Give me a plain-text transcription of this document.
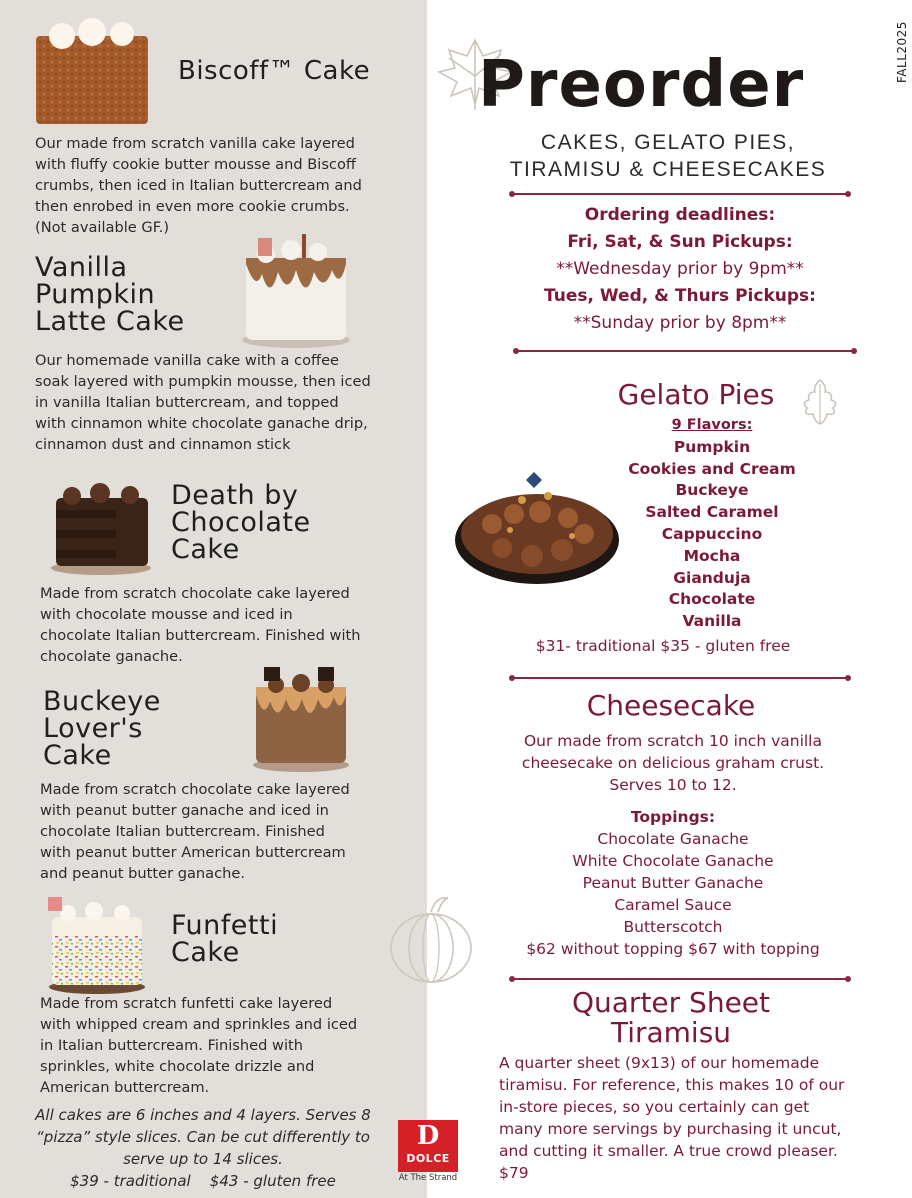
Biscoff™ Cake
Our made from scratch vanilla cake layered
with fluffy cookie butter mousse and Biscoff
crumbs, then iced in Italian buttercream and
then enrobed in even more cookie crumbs.
(Not available GF.)
Vanilla
Pumpkin
Latte Cake
Our homemade vanilla cake with a coffee
soak layered with pumpkin mousse, then iced
in vanilla Italian buttercream, and topped
with cinnamon white chocolate ganache drip,
cinnamon dust and cinnamon stick
Death by
Chocolate
Cake
Made from scratch chocolate cake layered
with chocolate mousse and iced in
chocolate Italian buttercream. Finished with
chocolate ganache.
Buckeye
Lover's
Cake
Made from scratch chocolate cake layered
with peanut butter ganache and iced in
chocolate Italian buttercream. Finished
with peanut butter American buttercream
and peanut butter ganache.
Funfetti
Cake
Made from scratch funfetti cake layered
with whipped cream and sprinkles and iced
in Italian buttercream. Finished with
sprinkles, white chocolate drizzle and
American buttercream.
All cakes are 6 inches and 4 layers. Serves 8
“pizza” style slices. Can be cut differently to
serve up to 14 slices.
$39 - traditional    $43 - gluten free
D
DOLCE
At The Strand
Preorder	FALL2025
CAKES, GELATO PIES,
TIRAMISU & CHEESECAKES
Ordering deadlines:
Fri, Sat, & Sun Pickups:
**Wednesday prior by 9pm**
Tues, Wed, & Thurs Pickups:
**Sunday prior by 8pm**
Gelato Pies
9 Flavors:
Pumpkin
Cookies and Cream
Buckeye
Salted Caramel
Cappuccino
Mocha
Gianduja
Chocolate
Vanilla
$31- traditional $35 - gluten free
Cheesecake
Our made from scratch 10 inch vanilla
cheesecake on delicious graham crust.
Serves 10 to 12.
Toppings:
Chocolate Ganache
White Chocolate Ganache
Peanut Butter Ganache
Caramel Sauce
Butterscotch
$62 without topping $67 with topping
Quarter Sheet
Tiramisu
A quarter sheet (9x13) of our homemade
tiramisu. For reference, this makes 10 of our
in-store pieces, so you certainly can get
many more servings by purchasing it uncut,
and cutting it smaller. A true crowd pleaser.
$79
